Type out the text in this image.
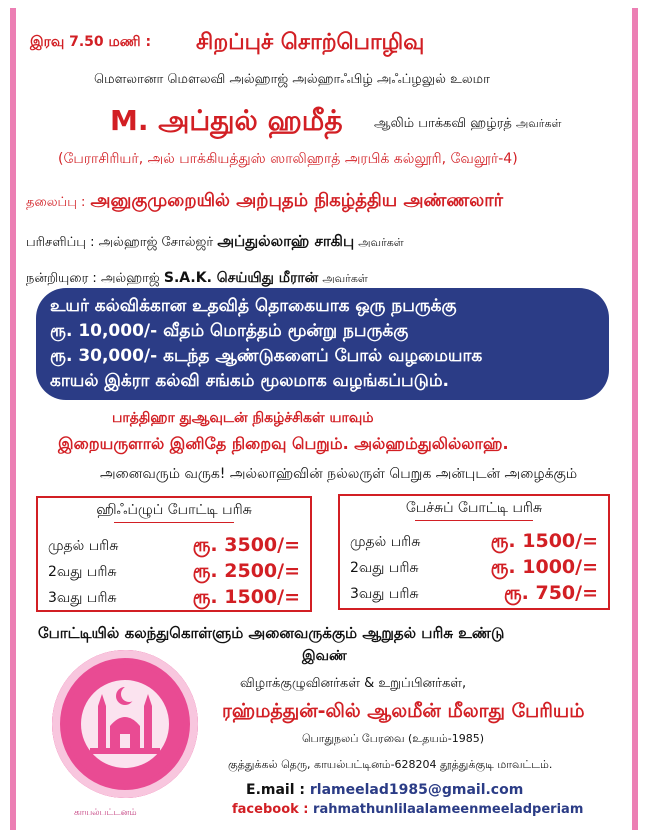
இரவு 7.50 மணி : சிறப்புச் சொற்பொழிவு
மௌலானா மௌலவி அல்ஹாஜ் அல்ஹாஃபிழ் அஃப்ழலுல் உலமா
M. அப்துல் ஹமீத் ஆலிம் பாக்கவி ஹழ்ரத் அவர்கள்
(பேராசிரியர், அல் பாக்கியத்துஸ் ஸாலிஹாத் அரபிக் கல்லூரி, வேலூர்-4)
தலைப்பு : அனுகுமுறையில் அற்புதம் நிகழ்த்திய அண்ணலார்
பரிசளிப்பு : அல்ஹாஜ் சோல்ஜர் அப்துல்லாஹ் சாகிபு அவர்கள்
நன்றியுரை : அல்ஹாஜ் S.A.K. செய்யிது மீரான் அவர்கள்
உயர் கல்விக்கான உதவித் தொகையாக ஒரு நபருக்கு
ரூ. 10,000/- வீதம் மொத்தம் மூன்று நபருக்கு
ரூ. 30,000/- கடந்த ஆண்டுகளைப் போல் வழமையாக
காயல் இக்ரா கல்வி சங்கம் மூலமாக வழங்கப்படும்.
பாத்திஹா துஆவுடன் நிகழ்ச்சிகள் யாவும்
இறையருளால் இனிதே நிறைவு பெறும். அல்ஹம்துலில்லாஹ்.
அனைவரும் வருக! அல்லாஹ்வின் நல்லருள் பெறுக அன்புடன் அழைக்கும்
ஹிஃப்ழுப் போட்டி பரிசு
முதல் பரிசு	ரூ. 3500/=
2வது பரிசு	ரூ. 2500/=
3வது பரிசு	ரூ. 1500/=
பேச்சுப் போட்டி பரிசு
முதல் பரிசு	ரூ. 1500/=
2வது பரிசு	ரூ. 1000/=
3வது பரிசு	ரூ. 750/=
போட்டியில் கலந்துகொள்ளும் அனைவருக்கும் ஆறுதல் பரிசு உண்டு
இவண்
காயல்பட்டனம்
விழாக்குழுவினர்கள் & உறுப்பினர்கள்,
ரஹ்மத்துன்-லில் ஆலமீன் மீலாது பேரியம்
பொதுநலப் பேரவை (உதயம்-1985)
குத்துக்கல் தெரு, காயல்பட்டினம்-628204 தூத்துக்குடி மாவட்டம்.
E.mail : rlameelad1985@gmail.com
facebook : rahmathunlilaalameenmeeladperiam
